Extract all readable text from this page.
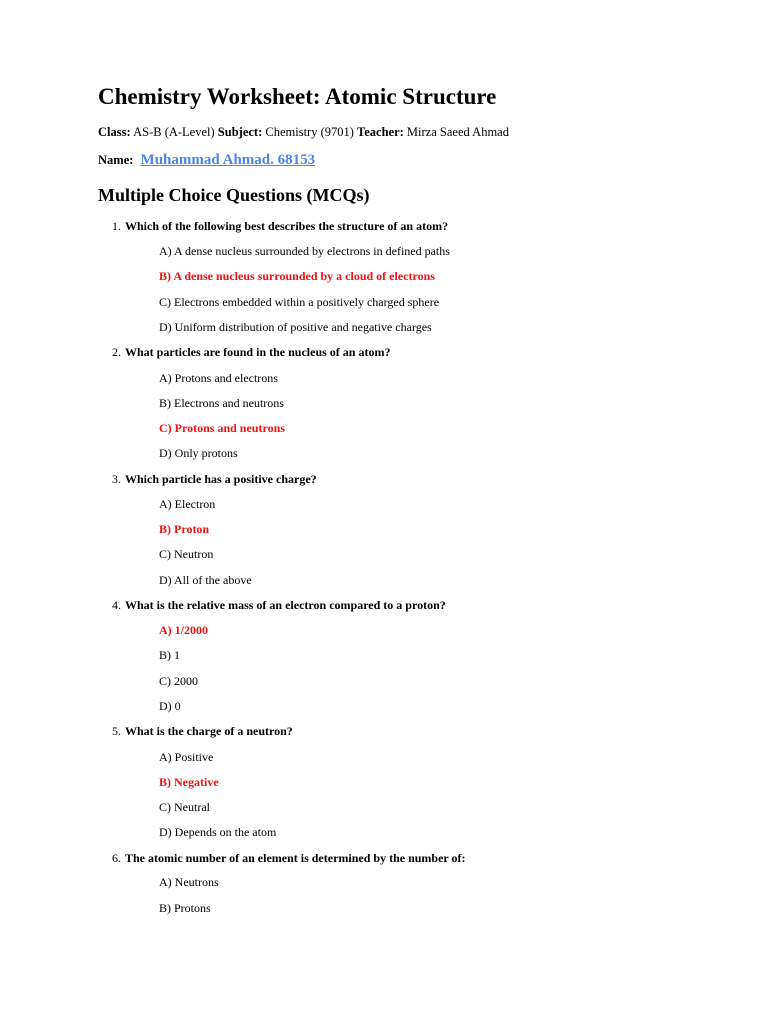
Chemistry Worksheet: Atomic Structure
Class: AS-B (A-Level) Subject: Chemistry (9701) Teacher: Mirza Saeed Ahmad
Name: Muhammad Ahmad. 68153
Multiple Choice Questions (MCQs)
1. Which of the following best describes the structure of an atom?
A) A dense nucleus surrounded by electrons in defined paths
B) A dense nucleus surrounded by a cloud of electrons
C) Electrons embedded within a positively charged sphere
D) Uniform distribution of positive and negative charges
2. What particles are found in the nucleus of an atom?
A) Protons and electrons
B) Electrons and neutrons
C) Protons and neutrons
D) Only protons
3. Which particle has a positive charge?
A) Electron
B) Proton
C) Neutron
D) All of the above
4. What is the relative mass of an electron compared to a proton?
A) 1/2000
B) 1
C) 2000
D) 0
5. What is the charge of a neutron?
A) Positive
B) Negative
C) Neutral
D) Depends on the atom
6. The atomic number of an element is determined by the number of:
A) Neutrons
B) Protons
